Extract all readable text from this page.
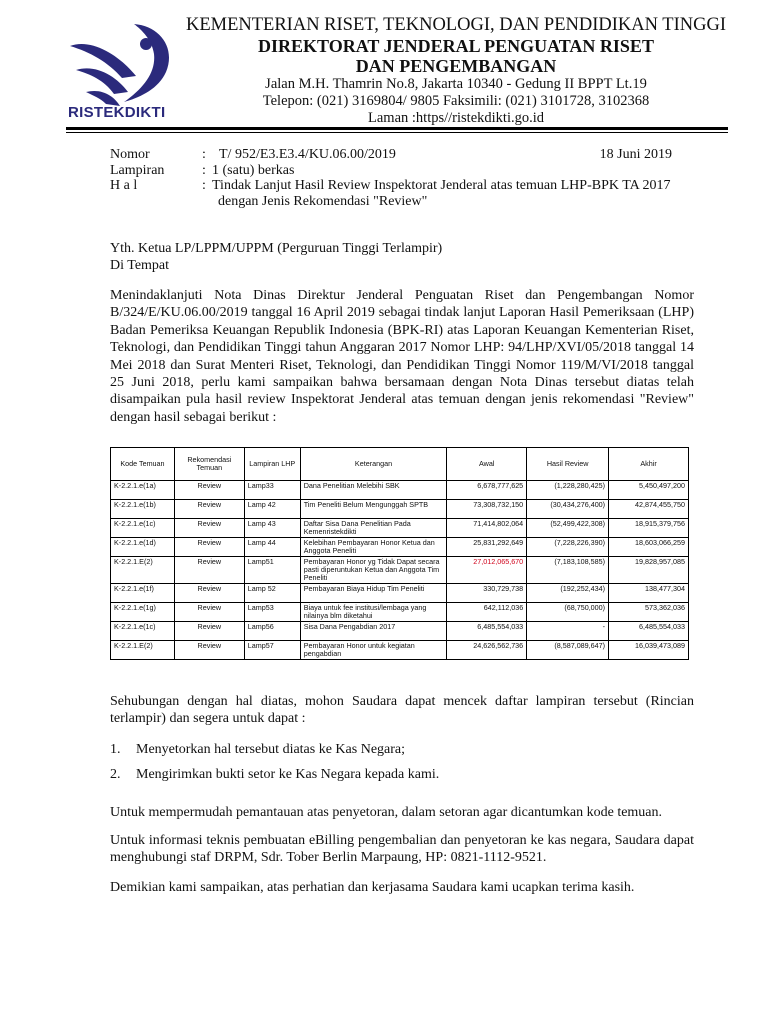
RISTEKDIKTI
KEMENTERIAN RISET, TEKNOLOGI, DAN PENDIDIKAN TINGGI
DIREKTORAT JENDERAL PENGUATAN RISET
DAN PENGEMBANGAN
Jalan M.H. Thamrin No.8, Jakarta 10340 - Gedung II BPPT Lt.19
Telepon: (021) 3169804/ 9805 Faksimili: (021) 3101728, 3102368
Laman :https//ristekdikti.go.id
Nomor	: T/ 952/E3.E3.4/KU.06.00/2019	18 Juni 2019
Lampiran	: 1 (satu) berkas
H a l	: Tindak Lanjut Hasil Review Inspektorat Jenderal atas temuan LHP-BPK TA 2017
dengan Jenis Rekomendasi "Review"
Yth. Ketua LP/LPPM/UPPM (Perguruan Tinggi Terlampir)
Di Tempat
Menindaklanjuti Nota Dinas Direktur Jenderal Penguatan Riset dan Pengembangan Nomor B/324/E/KU.06.00/2019 tanggal 16 April 2019 sebagai tindak lanjut Laporan Hasil Pemeriksaan (LHP) Badan Pemeriksa Keuangan Republik Indonesia (BPK-RI) atas Laporan Keuangan Kementerian Riset, Teknologi, dan Pendidikan Tinggi tahun Anggaran 2017 Nomor LHP: 94/LHP/XVI/05/2018 tanggal 14 Mei 2018 dan Surat Menteri Riset, Teknologi, dan Pendidikan Tinggi Nomor 119/M/VI/2018 tanggal 25 Juni 2018, perlu kami sampaikan bahwa bersamaan dengan Nota Dinas tersebut diatas telah disampaikan pula hasil review Inspektorat Jenderal atas temuan dengan jenis rekomendasi "Review" dengan hasil sebagai berikut :
Kode Temuan	Rekomendasi Temuan	Lampiran LHP	Keterangan	Awal	Hasil Review	Akhir
K-2.2.1.e(1a)	Review	Lamp33	Dana Penelitian Melebihi SBK	6,678,777,625	(1,228,280,425)	5,450,497,200
K-2.2.1.e(1b)	Review	Lamp 42	Tim Peneliti Belum Mengunggah SPTB	73,308,732,150	(30,434,276,400)	42,874,455,750
K-2.2.1.e(1c)	Review	Lamp 43	Daftar Sisa Dana Penelitian Pada Kemenristekdikti	71,414,802,064	(52,499,422,308)	18,915,379,756
K-2.2.1.e(1d)	Review	Lamp 44	Kelebihan Pembayaran Honor Ketua dan Anggota Peneliti	25,831,292,649	(7,228,226,390)	18,603,066,259
K-2.2.1.E(2)	Review	Lamp51	Pembayaran Honor yg Tidak Dapat secara pasti diperuntukan Ketua dan Anggota Tim Peneliti	27,012,065,670	(7,183,108,585)	19,828,957,085
K-2.2.1.e(1f)	Review	Lamp 52	Pembayaran Biaya Hidup Tim Peneliti	330,729,738	(192,252,434)	138,477,304
K-2.2.1.e(1g)	Review	Lamp53	Biaya untuk fee institusi/lembaga yang nilainya blm diketahui	642,112,036	(68,750,000)	573,362,036
K-2.2.1.e(1c)	Review	Lamp56	Sisa Dana Pengabdian 2017	6,485,554,033	-	6,485,554,033
K-2.2.1.E(2)	Review	Lamp57	Pembayaran Honor untuk kegiatan pengabdian	24,626,562,736	(8,587,089,647)	16,039,473,089
Sehubungan dengan hal diatas, mohon Saudara dapat mencek daftar lampiran tersebut (Rincian terlampir) dan segera untuk dapat :
1.	Menyetorkan hal tersebut diatas ke Kas Negara;
2.	Mengirimkan bukti setor ke Kas Negara kepada kami.
Untuk mempermudah pemantauan atas penyetoran, dalam setoran agar dicantumkan kode temuan.
Untuk informasi teknis pembuatan eBilling pengembalian dan penyetoran ke kas negara, Saudara dapat menghubungi staf DRPM, Sdr. Tober Berlin Marpaung, HP: 0821-1112-9521.
Demikian kami sampaikan, atas perhatian dan kerjasama Saudara kami ucapkan terima kasih.
